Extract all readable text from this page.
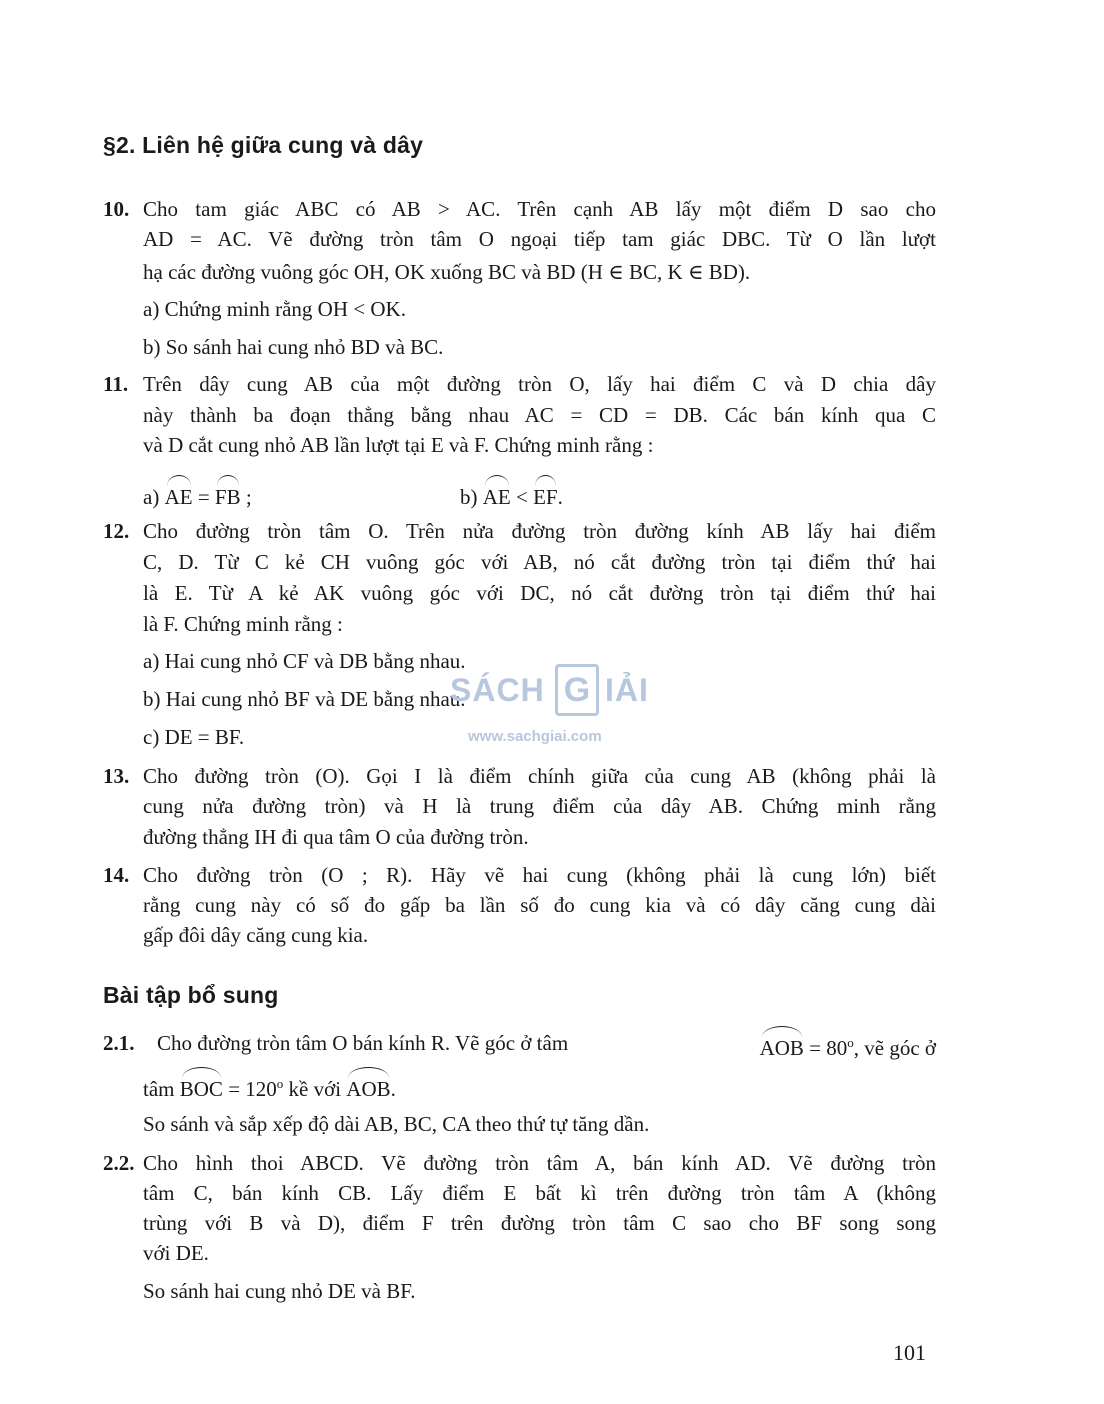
§2. Liên hệ giữa cung và dây
10. Cho tam giác ABC có AB > AC. Trên cạnh AB lấy một điểm D sao cho
AD = AC. Vẽ đường tròn tâm O ngoại tiếp tam giác DBC. Từ O lần lượt
hạ các đường vuông góc OH, OK xuống BC và BD (H ∈ BC, K ∈ BD).
a) Chứng minh rằng OH < OK.
b) So sánh hai cung nhỏ BD và BC.
11. Trên dây cung AB của một đường tròn O, lấy hai điểm C và D chia dây
này thành ba đoạn thẳng bằng nhau AC = CD = DB. Các bán kính qua C
và D cắt cung nhỏ AB lần lượt tại E và F. Chứng minh rằng :
a) AE = FB ;	b) AE < EF.
12. Cho đường tròn tâm O. Trên nửa đường tròn đường kính AB lấy hai điểm
C, D. Từ C kẻ CH vuông góc với AB, nó cắt đường tròn tại điểm thứ hai
là E. Từ A kẻ AK vuông góc với DC, nó cắt đường tròn tại điểm thứ hai
là F. Chứng minh rằng :
a) Hai cung nhỏ CF và DB bằng nhau.
b) Hai cung nhỏ BF và DE bằng nhau.
c) DE = BF.
13. Cho đường tròn (O). Gọi I là điểm chính giữa của cung AB (không phải là
cung nửa đường tròn) và H là trung điểm của dây AB. Chứng minh rằng
đường thẳng IH đi qua tâm O của đường tròn.
14. Cho đường tròn (O ; R). Hãy vẽ hai cung (không phải là cung lớn) biết
rằng cung này có số đo gấp ba lần số đo cung kia và có dây căng cung dài
gấp đôi dây căng cung kia.
Bài tập bổ sung
2.1. Cho đường tròn tâm O bán kính R. Vẽ góc ở tâm	AOB = $80^o$, vẽ góc ở
tâm BOC = $120^o$ kề với AOB.
So sánh và sắp xếp độ dài AB, BC, CA theo thứ tự tăng dần.
2.2. Cho hình thoi ABCD. Vẽ đường tròn tâm A, bán kính AD. Vẽ đường tròn
tâm C, bán kính CB. Lấy điểm E bất kì trên đường tròn tâm A (không
trùng với B và D), điểm F trên đường tròn tâm C sao cho BF song song
với DE.
So sánh hai cung nhỏ DE và BF.
SÁCH G IẢI
www.sachgiai.com
101
